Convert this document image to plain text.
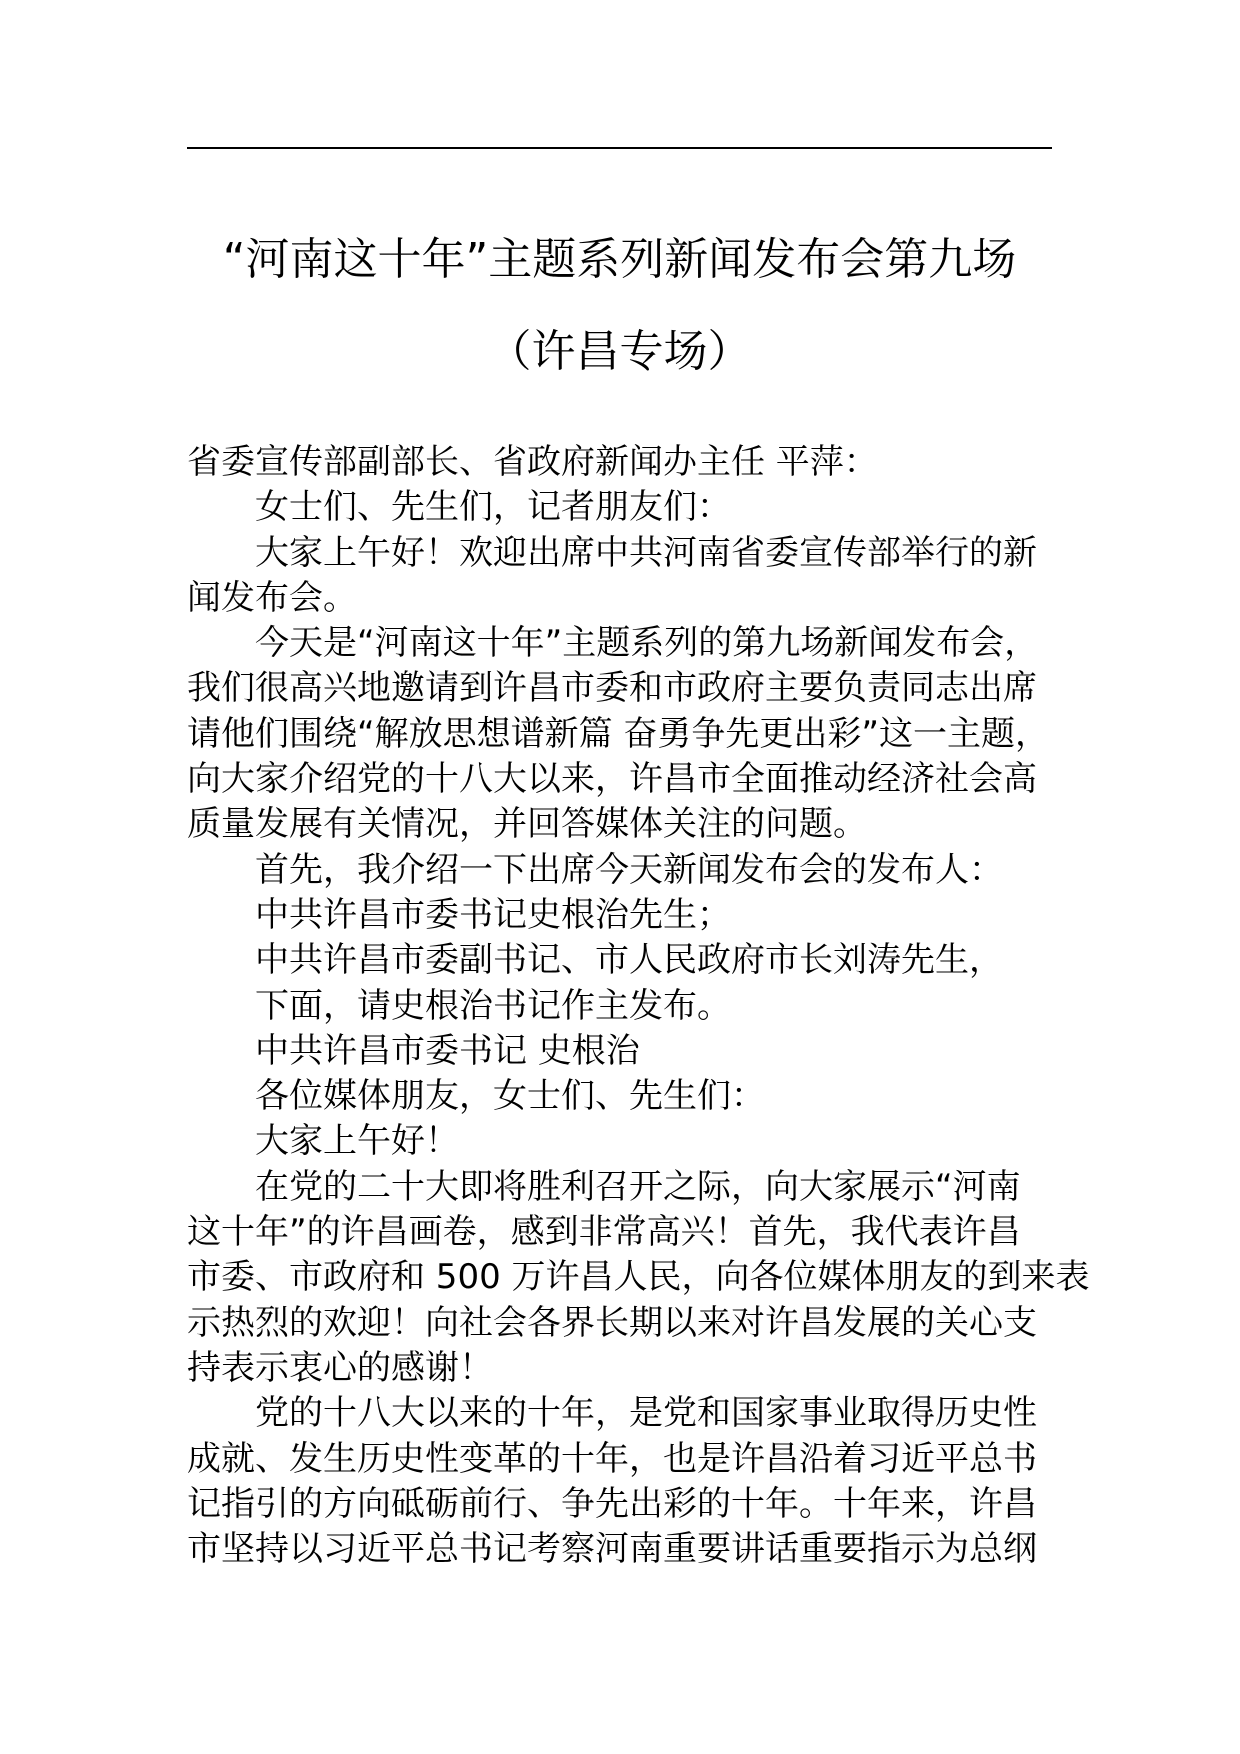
“河南这十年”主题系列新闻发布会第九场
（许昌专场）
省委宣传部副部长、省政府新闻办主任 平萍：
女士们、先生们，记者朋友们：
大家上午好！欢迎出席中共河南省委宣传部举行的新
闻发布会。
今天是“河南这十年”主题系列的第九场新闻发布会，
我们很高兴地邀请到许昌市委和市政府主要负责同志出席
请他们围绕“解放思想谱新篇 奋勇争先更出彩”这一主题，
向大家介绍党的十八大以来，许昌市全面推动经济社会高
质量发展有关情况，并回答媒体关注的问题。
首先，我介绍一下出席今天新闻发布会的发布人：
中共许昌市委书记史根治先生；
中共许昌市委副书记、市人民政府市长刘涛先生，
下面，请史根治书记作主发布。
中共许昌市委书记 史根治
各位媒体朋友，女士们、先生们：
大家上午好！
在党的二十大即将胜利召开之际，向大家展示“河南
这十年”的许昌画卷，感到非常高兴！首先，我代表许昌
市委、市政府和 500 万许昌人民，向各位媒体朋友的到来表
示热烈的欢迎！向社会各界长期以来对许昌发展的关心支
持表示衷心的感谢！
党的十八大以来的十年，是党和国家事业取得历史性
成就、发生历史性变革的十年，也是许昌沿着习近平总书
记指引的方向砥砺前行、争先出彩的十年。十年来，许昌
市坚持以习近平总书记考察河南重要讲话重要指示为总纲
